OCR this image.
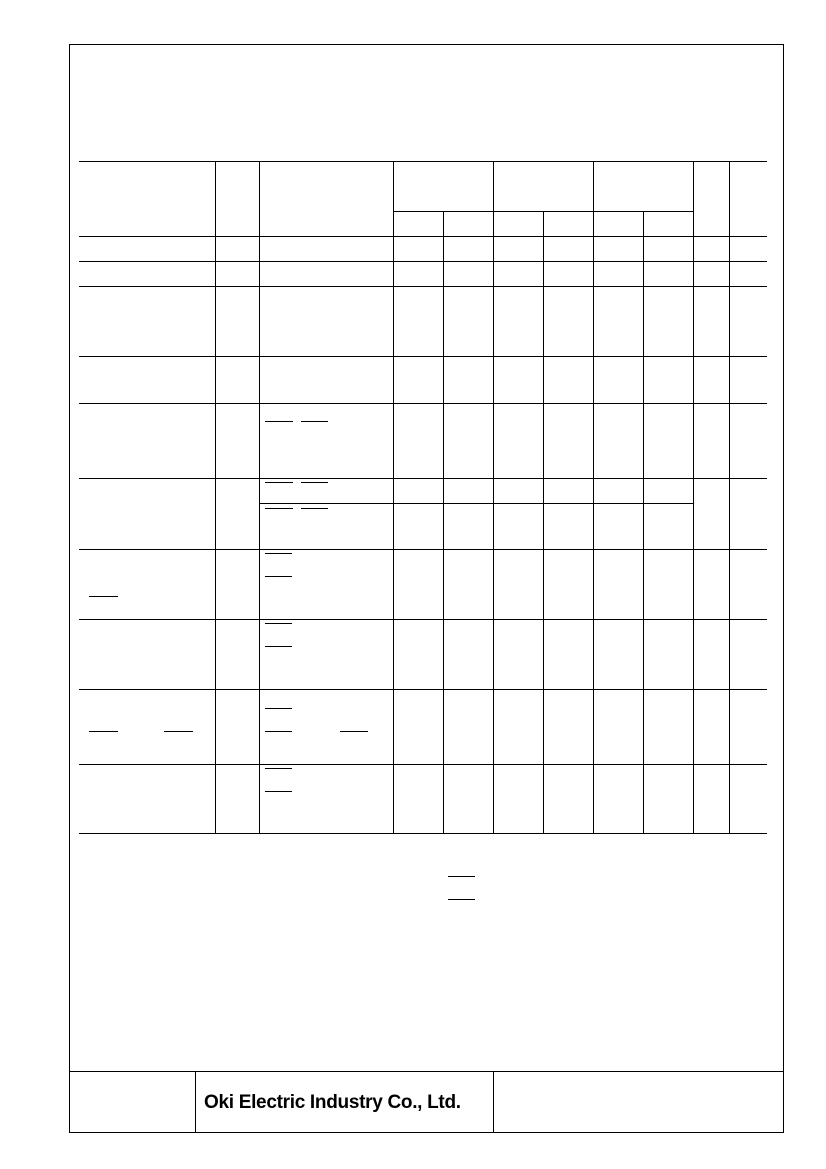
Oki Electric Industry Co., Ltd.
